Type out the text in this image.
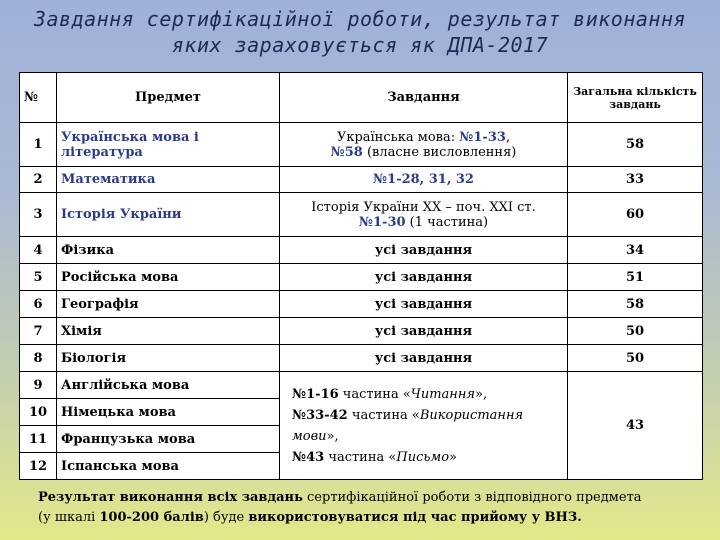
Завдання сертифікаційної роботи, результат виконання
яких зараховується як ДПА-2017
№	Предмет	Завдання	Загальна кількість завдань
1	Українська мова і література	Українська мова: №1-33,
№58 (власне висловлення)	58
2	Математика	№1-28, 31, 32	33
3	Історія України	Історія України ХХ – поч. ХХІ ст.
№1-30 (1 частина)	60
4	Фізика	усі завдання	34
5	Російська мова	усі завдання	51
6	Географія	усі завдання	58
7	Хімія	усі завдання	50
8	Біологія	усі завдання	50
9	Англійська мова	№1-16 частина «Читання»,
№33-42 частина «Використання мови»,
№43 частина «Письмо»	43
10	Німецька мова		
11	Французька мова		
12	Іспанська мова		
Результат виконання всіх завдань сертифікаційної роботи з відповідного предмета
(у шкалі 100-200 балів) буде використовуватися під час прийому у ВНЗ.
